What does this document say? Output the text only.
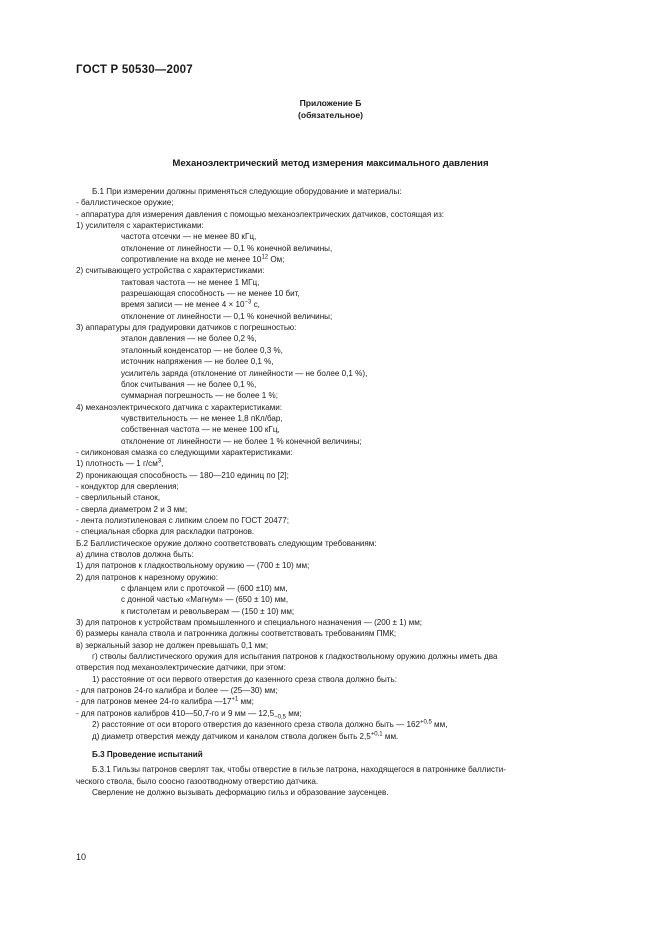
ГОСТ Р 50530—2007
Приложение Б
(обязательное)
Механоэлектрический метод измерения максимального давления
Б.1 При измерении должны применяться следующие оборудование и материалы:
- баллистическое оружие;
- аппаратура для измерения давления с помощью механоэлектрических датчиков, состоящая из:
1) усилителя с характеристиками:
частота отсечки — не менее 80 кГц,
отклонение от линейности — 0,1 % конечной величины,
сопротивление на входе не менее $10^{12}$ Ом;
2) считывающего устройства с характеристиками:
тактовая частота — не менее 1 МГц,
разрешающая способность — не менее 10 бит,
время записи — не менее $4 \times 10^{-3}$ с,
отклонение от линейности — 0,1 % конечной величины;
3) аппаратуры для градуировки датчиков с погрешностью:
эталон давления — не более 0,2 %,
эталонный конденсатор — не более 0,3 %,
источник напряжения — не более 0,1 %,
усилитель заряда (отклонение от линейности — не более 0,1 %),
блок считывания — не более 0,1 %,
суммарная погрешность — не более 1 %;
4) механоэлектрического датчика с характеристиками:
чувствительность — не менее 1,8 пКл/бар,
собственная частота — не менее 100 кГц,
отклонение от линейности — не более 1 % конечной величины;
- силиконовая смазка со следующими характеристиками:
1) плотность — 1 $г/см^3$,
2) проникающая способность — 180—210 единиц по [2];
- кондуктор для сверления;
- сверлильный станок,
- сверла диаметром 2 и 3 мм;
- лента полиэтиленовая с липким слоем по ГОСТ 20477;
- специальная сборка для раскладки патронов.
Б.2 Баллистическое оружие должно соответствовать следующим требованиям:
а) длина стволов должна быть:
1) для патронов к гладкоствольному оружию — (700 ± 10) мм;
2) для патронов к нарезному оружию:
с фланцем или с проточкой — (600 ±10) мм,
с донной частью «Магнум» — (650 ± 10) мм,
к пистолетам и револьверам — (150 ± 10) мм;
3) для патронов к устройствам промышленного и специального назначения — (200 ± 1) мм;
б) размеры канала ствола и патронника должны соответствовать требованиям ПМК;
в) зеркальный зазор не должен превышать 0,1 мм;
г) стволы баллистического оружия для испытания патронов к гладкоствольному оружию должны иметь два
отверстия под механоэлектрические датчики, при этом:
1) расстояние от оси первого отверстия до казенного среза ствола должно быть:
- для патронов 24-го калибра и более — (25—30) мм;
- для патронов менее 24-го калибра $—17^{+1}$ мм;
- для патронов калибров 410—50,7-го и 9 мм — $12,5_{-0,5}$ мм;
2) расстояние от оси второго отверстия до казенного среза ствола должно быть — $162^{+0,5}$ мм,
д) диаметр отверстия между датчиком и каналом ствола должен быть $2,5^{+0,1}$ мм.
Б.3 Проведение испытаний
Б.3.1 Гильзы патронов сверлят так, чтобы отверстие в гильзе патрона, находящегося в патроннике баллисти-
ческого ствола, было соосно газоотводному отверстию датчика.
Сверление не должно вызывать деформацию гильз и образование заусенцев.
10
